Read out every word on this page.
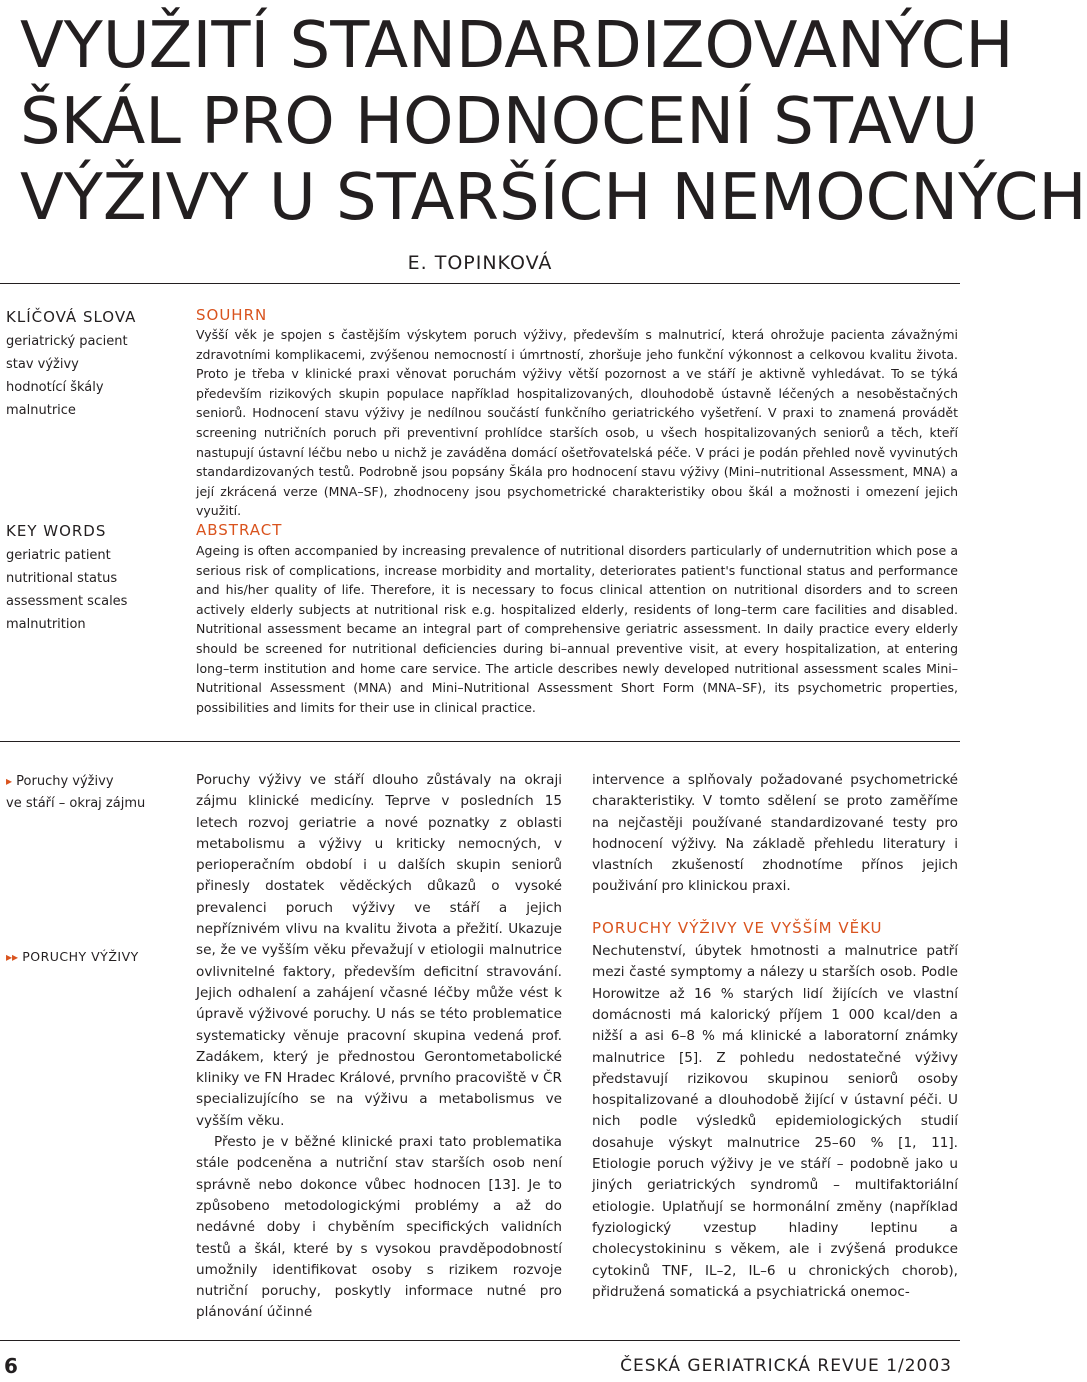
VYUŽITÍ STANDARDIZOVANÝCH
ŠKÁL PRO HODNOCENÍ STAVU
VÝŽIVY U STARŠÍCH NEMOCNÝCH
E. TOPINKOVÁ
KLÍČOVÁ SLOVA
geriatrický pacient
stav výživy
hodnotící škály
malnutrice
SOUHRN
Vyšší věk je spojen s častějším výskytem poruch výživy, především s malnutricí, která ohrožuje pacienta závažnými zdravotními komplikacemi, zvýšenou nemocností i úmrtností, zhoršuje jeho funkční výkonnost a celkovou kvalitu života. Proto je třeba v klinické praxi věnovat poruchám výživy větší pozornost a ve stáří je aktivně vyhledávat. To se týká především rizikových skupin populace například hospitalizovaných, dlouhodobě ústavně léčených a nesoběstačných seniorů. Hodnocení stavu výživy je nedílnou součástí funkčního geriatrického vyšetření. V praxi to znamená provádět screening nutričních poruch při preventivní prohlídce starších osob, u všech hospitalizovaných seniorů a těch, kteří nastupují ústavní léčbu nebo u nichž je zaváděna domácí ošetřovatelská péče. V práci je podán přehled nově vyvinutých standardizovaných testů. Podrobně jsou popsány Škála pro hodnocení stavu výživy (Mini–nutritional Assessment, MNA) a její zkrácená verze (MNA–SF), zhodnoceny jsou psychometrické charakteristiky obou škál a možnosti i omezení jejich využití.
KEY WORDS
geriatric patient
nutritional status
assessment scales
malnutrition
ABSTRACT
Ageing is often accompanied by increasing prevalence of nutritional disorders particularly of undernutrition which pose a serious risk of complications, increase morbidity and mortality, deteriorates patient's functional status and performance and his/her quality of life. Therefore, it is necessary to focus clinical attention on nutritional disorders and to screen actively elderly subjects at nutritional risk e.g. hospitalized elderly, residents of long–term care facilities and disabled. Nutritional assessment became an integral part of comprehensive geriatric assessment. In daily practice every elderly should be screened for nutritional deficiencies during bi–annual preventive visit, at every hospitalization, at entering long–term institution and home care service. The article describes newly developed nutritional assessment scales Mini–Nutritional Assessment (MNA) and Mini–Nutritional Assessment Short Form (MNA–SF), its psychometric properties, possibilities and limits for their use in clinical practice.
▸ Poruchy výživy
ve stáří – okraj zájmu
▸▸ PORUCHY VÝŽIVY

Poruchy výživy ve stáří dlouho zůstávaly na okraji zájmu klinické medicíny. Teprve v posledních 15 letech rozvoj geriatrie a nové poznatky z oblasti metabolismu a výživy u kriticky nemocných, v perioperačním období i u dalších skupin seniorů přinesly dostatek věděckých důkazů o vysoké prevalenci poruch výživy ve stáří a jejich nepříznivém vlivu na kvalitu života a přežití. Ukazuje se, že ve vyšším věku převažují v etiologii malnutrice ovlivnitelné faktory, především deficitní stravování. Jejich odhalení a zahájení včasné léčby může vést k úpravě výživové poruchy. U nás se této problematice systematicky věnuje pracovní skupina vedená prof. Zadákem, který je přednostou Gerontometabolické kliniky ve FN Hradec Králové, prvního pracoviště v ČR specializujícího se na výživu a metabolismus ve vyšším věku.

Přesto je v běžné klinické praxi tato problematika stále podceněna a nutriční stav starších osob není správně nebo dokonce vůbec hodnocen [13]. Je to způsobeno metodologickými problémy a až do nedávné doby i chyběním specifických validních testů a škál, které by s vysokou pravděpodobností umožnily identifikovat osoby s rizikem rozvoje nutriční poruchy, poskytly informace nutné pro plánování účinné

intervence a splňovaly požadované psychometrické charakteristiky. V tomto sdělení se proto zaměříme na nejčastěji používané standardizované testy pro hodnocení výživy. Na základě přehledu literatury i vlastních zkušeností zhodnotíme přínos jejich použivání pro klinickou praxi.

PORUCHY VÝŽIVY VE VYŠŠÍM VĚKU

Nechutenství, úbytek hmotnosti a malnutrice patří mezi časté symptomy a nálezy u starších osob. Podle Horowitze až 16 % starých lidí žijících ve vlastní domácnosti má kalorický příjem 1 000 kcal/den a nižší a asi 6–8 % má klinické a laboratorní známky malnutrice [5]. Z pohledu nedostatečné výživy představují rizikovou skupinou seniorů osoby hospitalizované a dlouhodobě žijící v ústavní péči. U nich podle výsledků epidemiologických studií dosahuje výskyt malnutrice 25–60 % [1, 11]. Etiologie poruch výživy je ve stáří – podobně jako u jiných geriatrických syndromů – multifaktoriální etiologie. Uplatňují se hormonální změny (například fyziologický vzestup hladiny leptinu a cholecystokininu s věkem, ale i zvýšená produkce cytokinů TNF, IL–2, IL–6 u chronických chorob), přidružená somatická a psychiatrická onemoc-

6	ČESKÁ GERIATRICKÁ REVUE 1/2003
